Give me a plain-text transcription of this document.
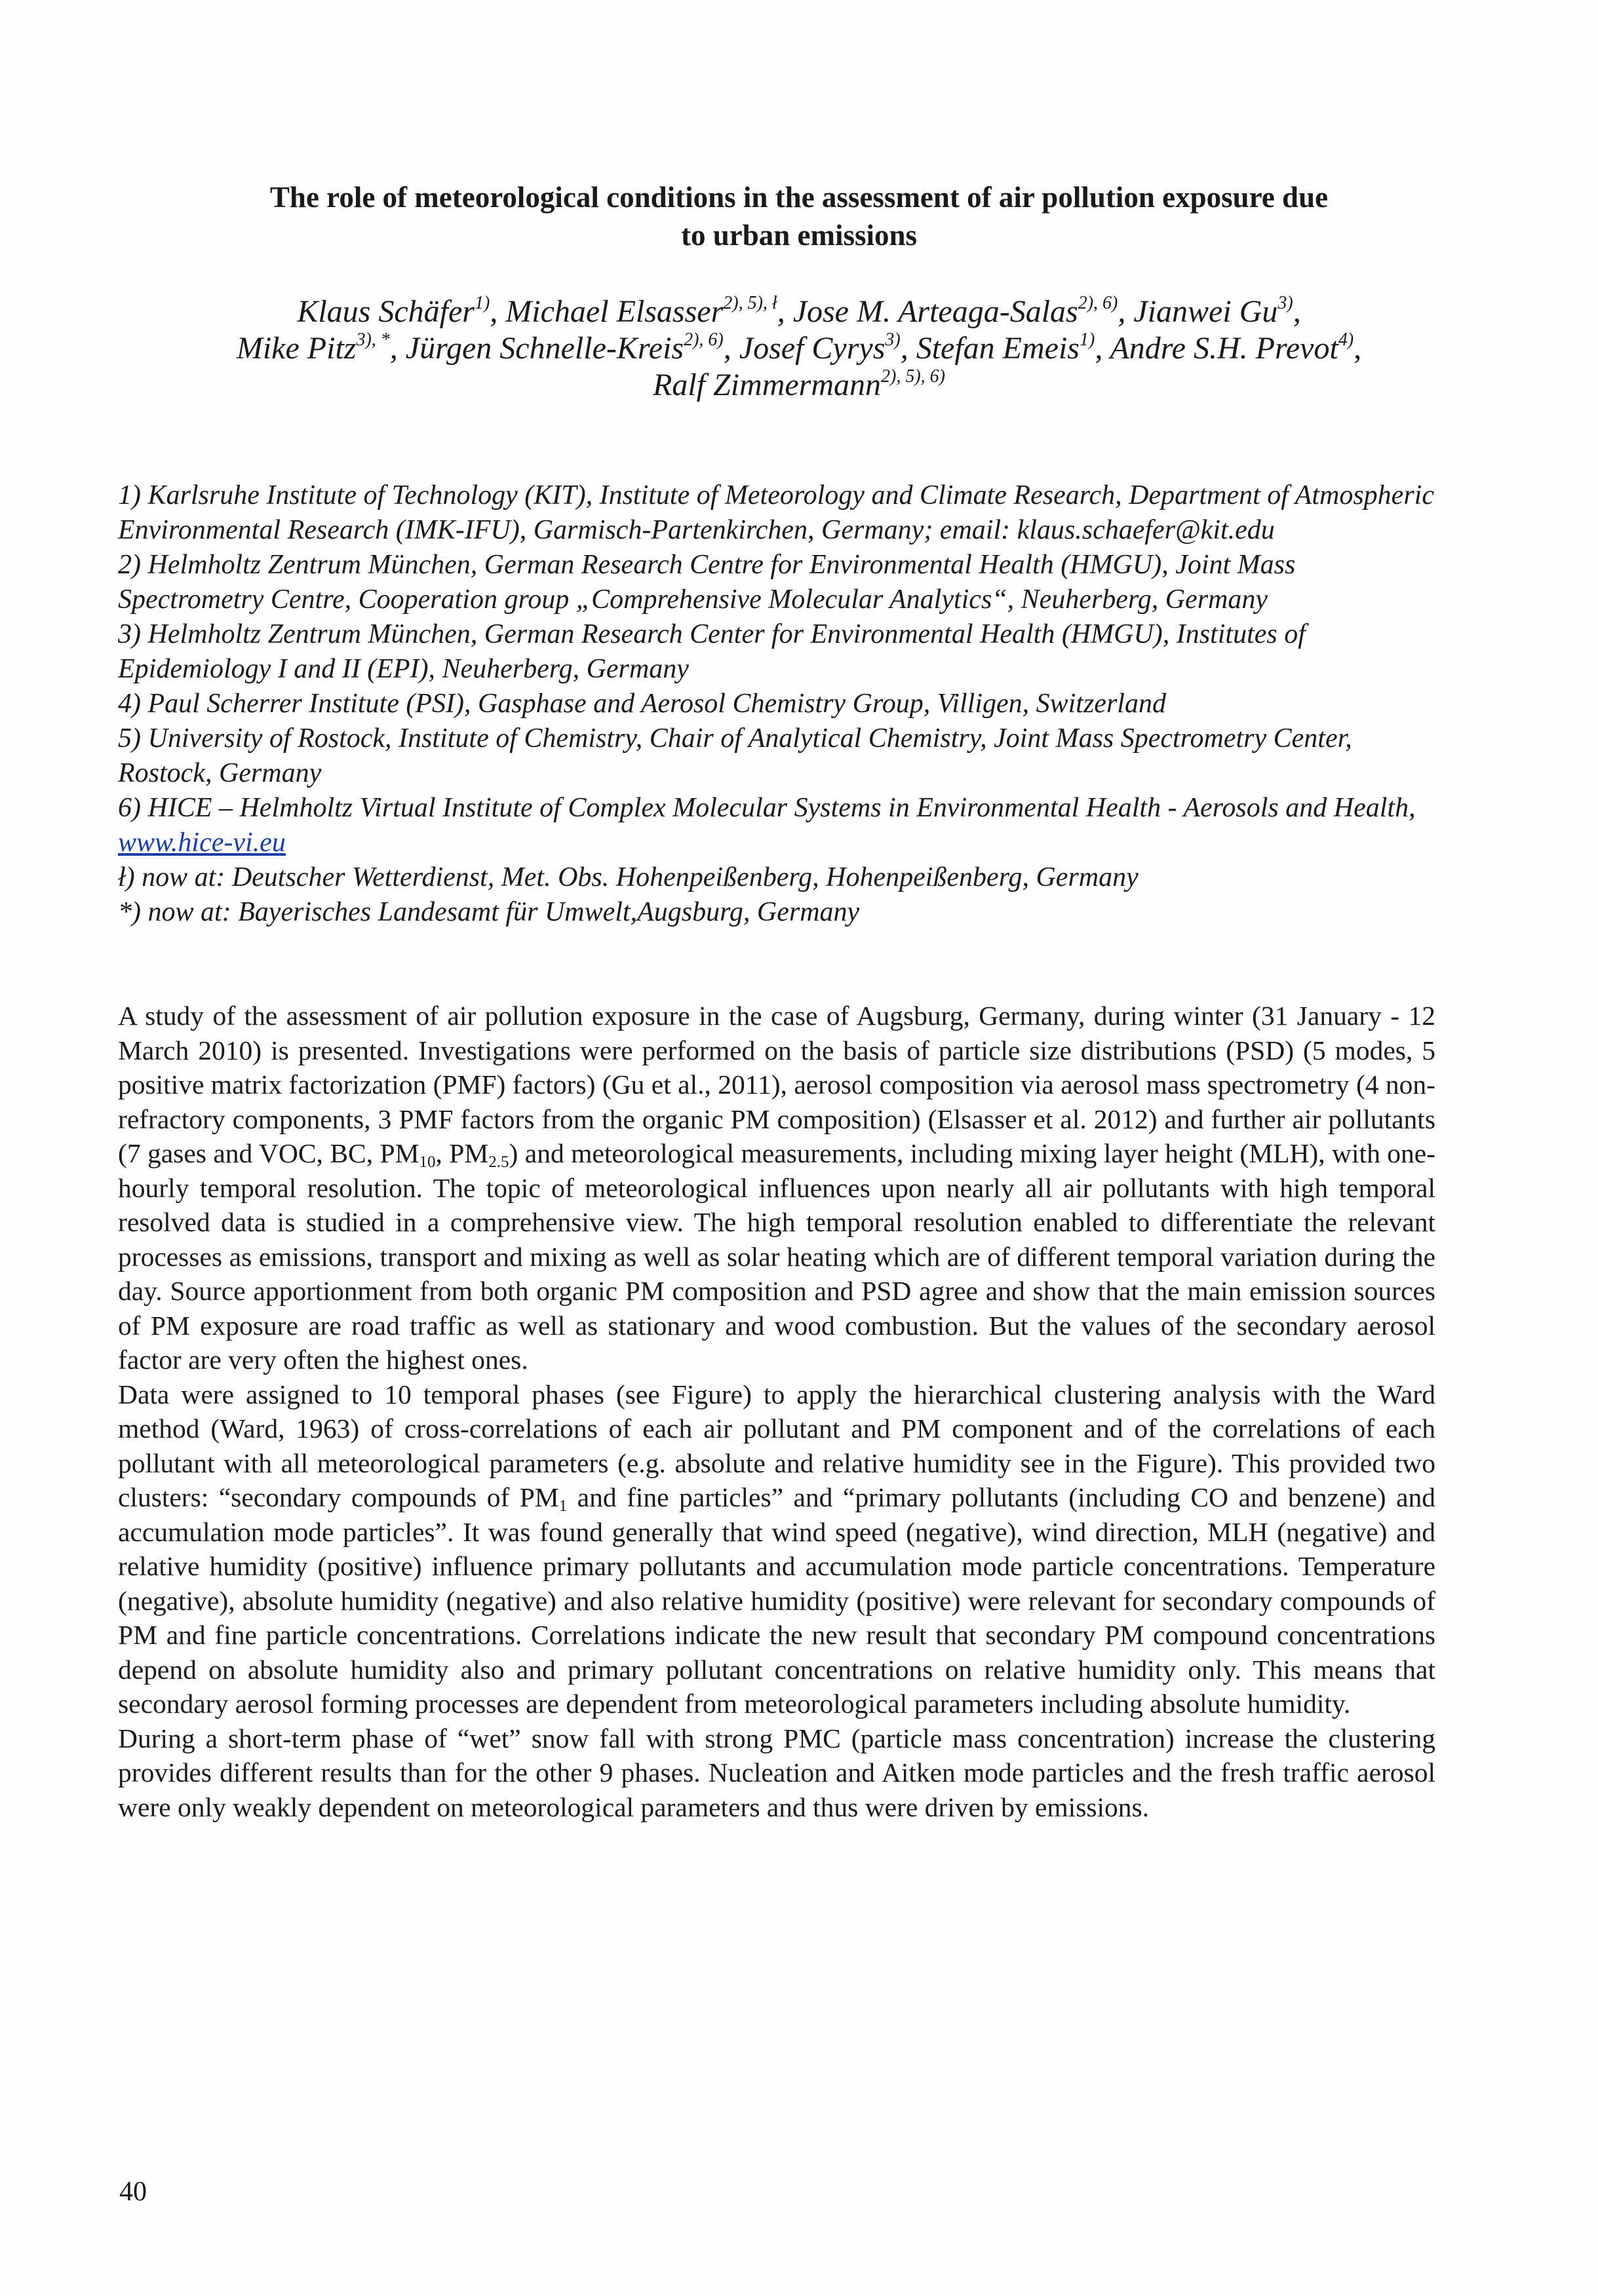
The role of meteorological conditions in the assessment of air pollution exposure due
to urban emissions
Klaus Schäfer$^{1)}$, Michael Elsasser$^{2), 5), ł}$, Jose M. Arteaga-Salas$^{2), 6)}$, Jianwei Gu$^{3)}$,
Mike Pitz$^{3), *}$, Jürgen Schnelle-Kreis$^{2), 6)}$, Josef Cyrys$^{3)}$, Stefan Emeis$^{1)}$, Andre S.H. Prevot$^{4)}$,
Ralf Zimmermann$^{2), 5), 6)}$

1) Karlsruhe Institute of Technology (KIT), Institute of Meteorology and Climate Research, Department of Atmospheric Environmental Research (IMK-IFU), Garmisch-Partenkirchen, Germany; email: klaus.schaefer@kit.edu

2) Helmholtz Zentrum München, German Research Centre for Environmental Health (HMGU), Joint Mass Spectrometry Centre, Cooperation group „Comprehensive Molecular Analytics“, Neuherberg, Germany

3) Helmholtz Zentrum München, German Research Center for Environmental Health (HMGU), Institutes of Epidemiology I and II (EPI), Neuherberg, Germany

4) Paul Scherrer Institute (PSI), Gasphase and Aerosol Chemistry Group, Villigen, Switzerland

5) University of Rostock, Institute of Chemistry, Chair of Analytical Chemistry, Joint Mass Spectrometry Center, Rostock, Germany

6) HICE – Helmholtz Virtual Institute of Complex Molecular Systems in Environmental Health - Aerosols and Health, www.hice-vi.eu

ł) now at: Deutscher Wetterdienst, Met. Obs. Hohenpeißenberg, Hohenpeißenberg, Germany

*) now at: Bayerisches Landesamt für Umwelt,Augsburg, Germany

A study of the assessment of air pollution exposure in the case of Augsburg, Germany, during winter (31 January - 12 March 2010) is presented. Investigations were performed on the basis of particle size distributions (PSD) (5 modes, 5 positive matrix factorization (PMF) factors) (Gu et al., 2011), aerosol composition via aerosol mass spectrometry (4 non-refractory components, 3 PMF factors from the organic PM composition) (Elsasser et al. 2012) and further air pollutants (7 gases and VOC, BC, $PM_{10}$, $PM_{2.5}$) and meteorological measurements, including mixing layer height (MLH), with one-hourly temporal resolution. The topic of meteorological influences upon nearly all air pollutants with high temporal resolved data is studied in a comprehensive view. The high temporal resolution enabled to differentiate the relevant processes as emissions, transport and mixing as well as solar heating which are of different temporal variation during the day. Source apportionment from both organic PM composition and PSD agree and show that the main emission sources of PM exposure are road traffic as well as stationary and wood combustion. But the values of the secondary aerosol factor are very often the highest ones.

Data were assigned to 10 temporal phases (see Figure) to apply the hierarchical clustering analysis with the Ward method (Ward, 1963) of cross-correlations of each air pollutant and PM component and of the correlations of each pollutant with all meteorological parameters (e.g. absolute and relative humidity see in the Figure). This provided two clusters: “secondary compounds of $PM_1$ and fine particles” and “primary pollutants (including CO and benzene) and accumulation mode particles”. It was found generally that wind speed (negative), wind direction, MLH (negative) and relative humidity (positive) influence primary pollutants and accumulation mode particle concentrations. Temperature (negative), absolute humidity (negative) and also relative humidity (positive) were relevant for secondary compounds of PM and fine particle concentrations. Correlations indicate the new result that secondary PM compound concentrations depend on absolute humidity also and primary pollutant concentrations on relative humidity only. This means that secondary aerosol forming processes are dependent from meteorological parameters including absolute humidity.

During a short-term phase of “wet” snow fall with strong PMC (particle mass concentration) increase the clustering provides different results than for the other 9 phases. Nucleation and Aitken mode particles and the fresh traffic aerosol were only weakly dependent on meteorological parameters and thus were driven by emissions.

40
